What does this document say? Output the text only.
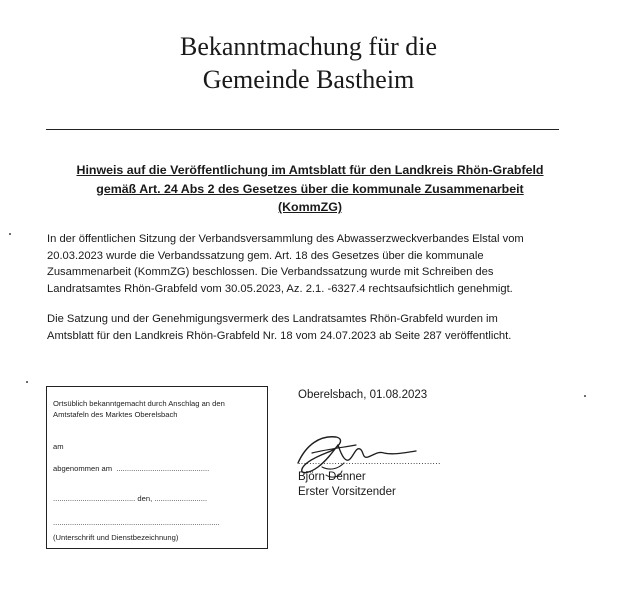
Bekanntmachung für die
Gemeinde Bastheim
Hinweis auf die Veröffentlichung im Amtsblatt für den Landkreis Rhön-Grabfeld
gemäß Art. 24 Abs 2 des Gesetzes über die kommunale Zusammenarbeit
(KommZG)
In der öffentlichen Sitzung der Verbandsversammlung des Abwasserzweckverbandes Elstal vom
20.03.2023 wurde die Verbandssatzung gem. Art. 18 des Gesetzes über die kommunale
Zusammenarbeit (KommZG) beschlossen. Die Verbandssatzung wurde mit Schreiben des
Landratsamtes Rhön-Grabfeld vom 30.05.2023, Az. 2.1. -6327.4 rechtsaufsichtlich genehmigt.
Die Satzung und der Genehmigungsvermerk des Landratsamtes Rhön-Grabfeld wurden im
Amtsblatt für den Landkreis Rhön-Grabfeld Nr. 18 vom 24.07.2023 ab Seite 287 veröffentlicht.
Ortsüblich bekanntgemacht durch Anschlag an den
Amtstafeln des Marktes Oberelsbach
am
abgenommen am ............................................
....................................... den, .........................
...............................................................................
(Unterschrift und Dienstbezeichnung)
Oberelsbach, 01.08.2023
...................................................
Björn Denner
Erster Vorsitzender
